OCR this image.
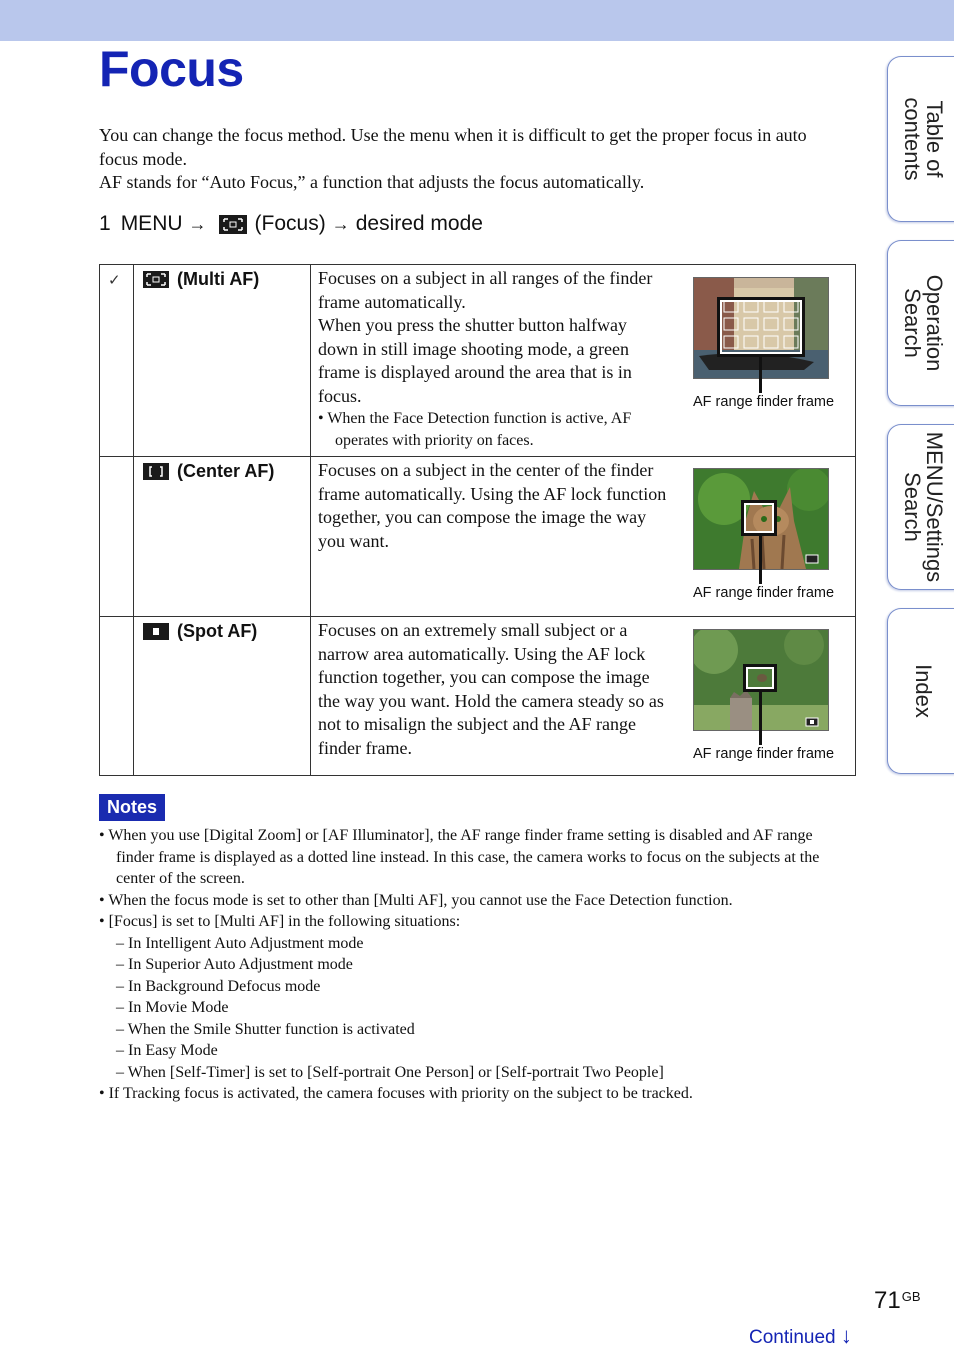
Focus

You can change the focus method. Use the menu when it is difficult to get the proper focus in auto focus mode.

AF stands for “Auto Focus,” a function that adjusts the focus automatically.

1 MENU → (Focus) → desired mode
✓	(Multi AF)	Focuses on a subject in all ranges of the finder frame automatically.

When you press the shutter button halfway down in still image shooting mode, a green frame is displayed around the area that is in focus.

• When the Face Detection function is active, AF operates with priority on faces.

AF range finder frame

	(Center AF)	Focuses on a subject in the center of the finder frame automatically. Using the AF lock function together, you can compose the image the way you want.

AF range finder frame

	(Spot AF)	Focuses on an extremely small subject or a narrow area automatically. Using the AF lock function together, you can compose the image the way you want. Hold the camera steady so as not to misalign the subject and the AF range finder frame. AF range finder frame
Notes

• When you use [Digital Zoom] or [AF Illuminator], the AF range finder frame setting is disabled and AF range finder frame is displayed as a dotted line instead. In this case, the camera works to focus on the subjects at the center of the screen.

• When the focus mode is set to other than [Multi AF], you cannot use the Face Detection function.

• [Focus] is set to [Multi AF] in the following situations:

– In Intelligent Auto Adjustment mode

– In Superior Auto Adjustment mode

– In Background Defocus mode

– In Movie Mode

– When the Smile Shutter function is activated

– In Easy Mode

– When [Self-Timer] is set to [Self-portrait One Person] or [Self-portrait Two People]

• If Tracking focus is activated, the camera focuses with priority on the subject to be tracked.

Table of
contents
Operation
Search
MENU/Settings
Search
Index
$71^{GB}$
Continued ↓
